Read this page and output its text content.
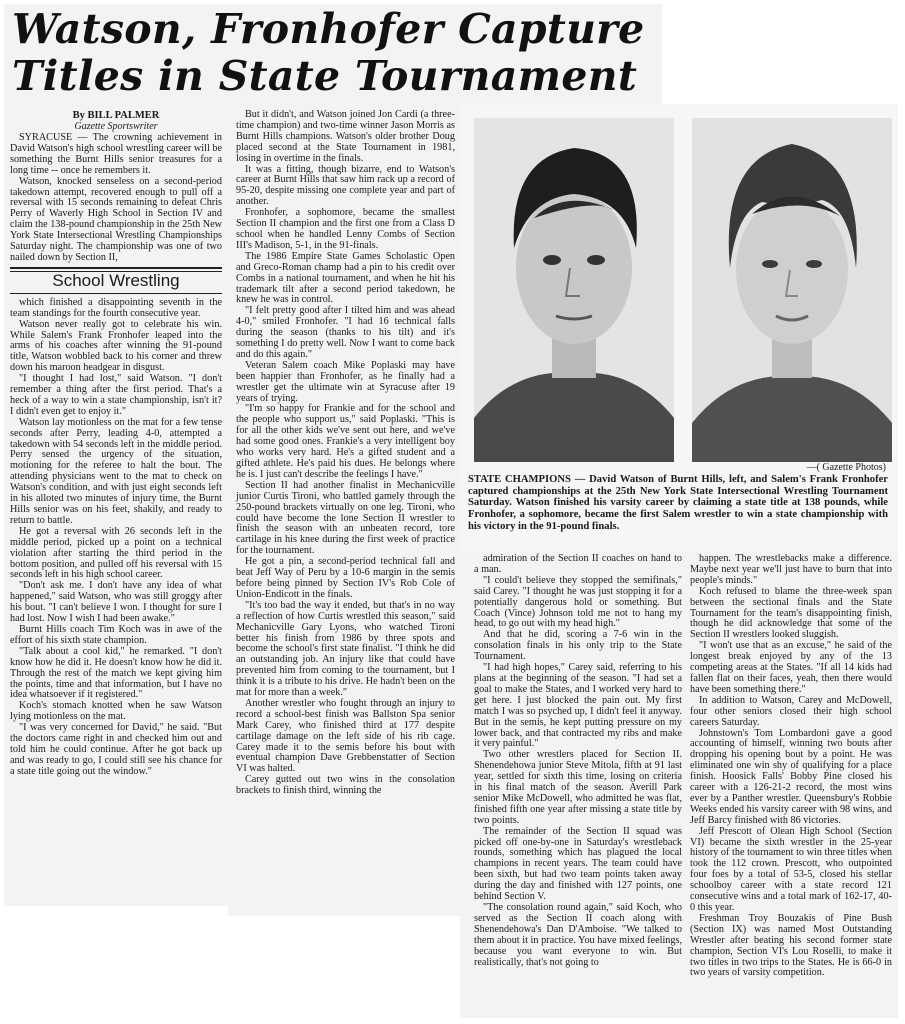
Watson, Fronhofer Capture
Titles in State Tournament
By BILL PALMER
Gazette Sportswriter

SYRACUSE — The crowning achievement in David Watson's high school wrestling career will be something the Burnt Hills senior treasures for a long time -- once he remembers it.

Watson, knocked senseless on a second-period takedown attempt, recovered enough to pull off a reversal with 15 seconds remaining to defeat Chris Perry of Waverly High School in Section IV and claim the 138-pound championship in the 25th New York State Intersectional Wrestling Championships Saturday night. The championship was one of two nailed down by Section II,

School Wrestling

which finished a disappointing seventh in the team standings for the fourth consecutive year.

Watson never really got to celebrate his win. While Salem's Frank Fronhofer leaped into the arms of his coaches after winning the 91-pound title, Watson wobbled back to his corner and threw down his maroon headgear in disgust.

"I thought I had lost," said Watson. "I don't remember a thing after the first period. That's a heck of a way to win a state championship, isn't it? I didn't even get to enjoy it."

Watson lay motionless on the mat for a few tense seconds after Perry, leading 4-0, attempted a takedown with 54 seconds left in the middle period. Perry sensed the urgency of the situation, motioning for the referee to halt the bout. The attending physicians went to the mat to check on Watson's condition, and with just eight seconds left in his alloted two minutes of injury time, the Burnt Hills senior was on his feet, shakily, and ready to return to battle.

He got a reversal with 26 seconds left in the middle period, picked up a point on a technical violation after starting the third period in the bottom position, and pulled off his reversal with 15 seconds left in his high school career.

"Don't ask me. I don't have any idea of what happened," said Watson, who was still groggy after his bout. "I can't believe I won. I thought for sure I had lost. Now I wish I had been awake."

Burnt Hills coach Tim Koch was in awe of the effort of his sixth state champion.

"Talk about a cool kid," he remarked. "I don't know how he did it. He doesn't know how he did it. Through the rest of the match we kept giving him the points, time and that information, but I have no idea whatsoever if it registered."

Koch's stomach knotted when he saw Watson lying motionless on the mat.

"I was very concerned for David," he said. "But the doctors came right in and checked him out and told him he could continue. After he got back up and was ready to go, I could still see his chance for a state title going out the window."

But it didn't, and Watson joined Jon Cardi (a three-time champion) and two-time winner Jason Morris as Burnt Hills champions. Watson's older brother Doug placed second at the State Tournament in 1981, losing in overtime in the finals.

It was a fitting, though bizarre, end to Watson's career at Burnt Hills that saw him rack up a record of 95-20, despite missing one complete year and part of another.

Fronhofer, a sophomore, became the smallest Section II champion and the first one from a Class D school when he handled Lenny Combs of Section III's Madison, 5-1, in the 91-finals.

The 1986 Empire State Games Scholastic Open and Greco-Roman champ had a pin to his credit over Combs in a national tournament, and when he hit his trademark tilt after a second period takedown, he knew he was in control.

"I felt pretty good after I tilted him and was ahead 4-0," smiled Fronhofer. "I had 16 technical falls during the season (thanks to his tilt) and it's something I do pretty well. Now I want to come back and do this again."

Veteran Salem coach Mike Poplaski may have been happier than Fronhofer, as he finally had a wrestler get the ultimate win at Syracuse after 19 years of trying.

"I'm so happy for Frankie and for the school and the people who support us," said Poplaski. "This is for all the other kids we've sent out here, and we've had some good ones. Frankie's a very intelligent boy who works very hard. He's a gifted student and a gifted athlete. He's paid his dues. He belongs where he is. I just can't describe the feelings I have."

Section II had another finalist in Mechanicville junior Curtis Tironi, who battled gamely through the 250-pound brackets virtually on one leg. Tironi, who could have become the lone Section II wrestler to finish the season with an unbeaten record, tore cartilage in his knee during the first week of practice for the tournament.

He got a pin, a second-period technical fall and beat Jeff Way of Peru by a 10-6 margin in the semis before being pinned by Section IV's Rob Cole of Union-Endicott in the finals.

"It's too bad the way it ended, but that's in no way a reflection of how Curtis wrestled this season," said Mechanicville Gary Lyons, who watched Tironi better his finish from 1986 by three spots and become the school's first state finalist. "I think he did an outstanding job. An injury like that could have prevented him from coming to the tournament, but I think it is a tribute to his drive. He hadn't been on the mat for more than a week."

Another wrestler who fought through an injury to record a school-best finish was Ballston Spa senior Mark Carey, who finished third at 177 despite cartilage damage on the left side of his rib cage. Carey made it to the semis before his bout with eventual champion Dave Grebbenstatter of Section VI was halted.

Carey gutted out two wins in the consolation brackets to finish third, winning the

—( Gazette Photos)
STATE CHAMPIONS — David Watson of Burnt Hills, left, and Salem's Frank Fronhofer captured championships at the 25th New York State Intersectional Wrestling Tournament Saturday. Watson finished his varsity career by claiming a state title at 138 pounds, while Fronhofer, a sophomore, became the first Salem wrestler to win a state championship with his victory in the 91-pound finals.

admiration of the Section II coaches on hand to a man.

"I could't believe they stopped the semifinals," said Carey. "I thought he was just stopping it for a potentially dangerous hold or something. But Coach (Vince) Johnson told me not to hang my head, to go out with my head high."

And that he did, scoring a 7-6 win in the consolation finals in his only trip to the State Tournament.

"I had high hopes," Carey said, referring to his plans at the beginning of the season. "I had set a goal to make the States, and I worked very hard to get here. I just blocked the pain out. My first match I was so psyched up, I didn't feel it anyway. But in the semis, he kept putting pressure on my lower back, and that contracted my ribs and make it very painful."

Two other wrestlers placed for Section II. Shenendehowa junior Steve Mitola, fifth at 91 last year, settled for sixth this time, losing on criteria in his final match of the season. Averill Park senior Mike McDowell, who admitted he was flat, finished fifth one year after missing a state title by two points.

The remainder of the Section II squad was picked off one-by-one in Saturday's wrestleback rounds, something which has plagued the local champions in recent years. The team could have been sixth, but had two team points taken away during the day and finished with 127 points, one behind Section V.

"The consolation round again," said Koch, who served as the Section II coach along with Shenendehowa's Dan D'Amboise. "We talked to them about it in practice. You have mixed feelings, because you want everyone to win. But realistically, that's not going to

happen. The wrestlebacks make a difference. Maybe next year we'll just have to burn that into people's minds."

Koch refused to blame the three-week span between the sectional finals and the State Tournament for the team's disappointing finish, though he did acknowledge that some of the Section II wrestlers looked sluggish.

"I won't use that as an excuse," he said of the longest break enjoyed by any of the 13 competing areas at the States. "If all 14 kids had fallen flat on their faces, yeah, then there would have been something there."

In addition to Watson, Carey and McDowell, four other seniors closed their high school careers Saturday.

Johnstown's Tom Lombardoni gave a good accounting of himself, winning two bouts after dropping his opening bout by a point. He was eliminated one win shy of qualifying for a place finish. Hoosick Falls' Bobby Pine closed his career with a 126-21-2 record, the most wins ever by a Panther wrestler. Queensbury's Robbie Weeks ended his varsity career with 98 wins, and Jeff Barcy finished with 86 victories.

Jeff Prescott of Olean High School (Section VI) became the sixth wrestler in the 25-year history of the tournament to win three titles when took the 112 crown. Prescott, who outpointed four foes by a total of 53-5, closed his stellar schoolboy career with a state record 121 consecutive wins and a total mark of 162-17, 40-0 this year.

Freshman Troy Bouzakis of Pine Bush (Section IX) was named Most Outstanding Wrestler after beating his second former state champion, Section VI's Lou Roselli, to make it two titles in two trips to the States. He is 66-0 in two years of varsity competition.
